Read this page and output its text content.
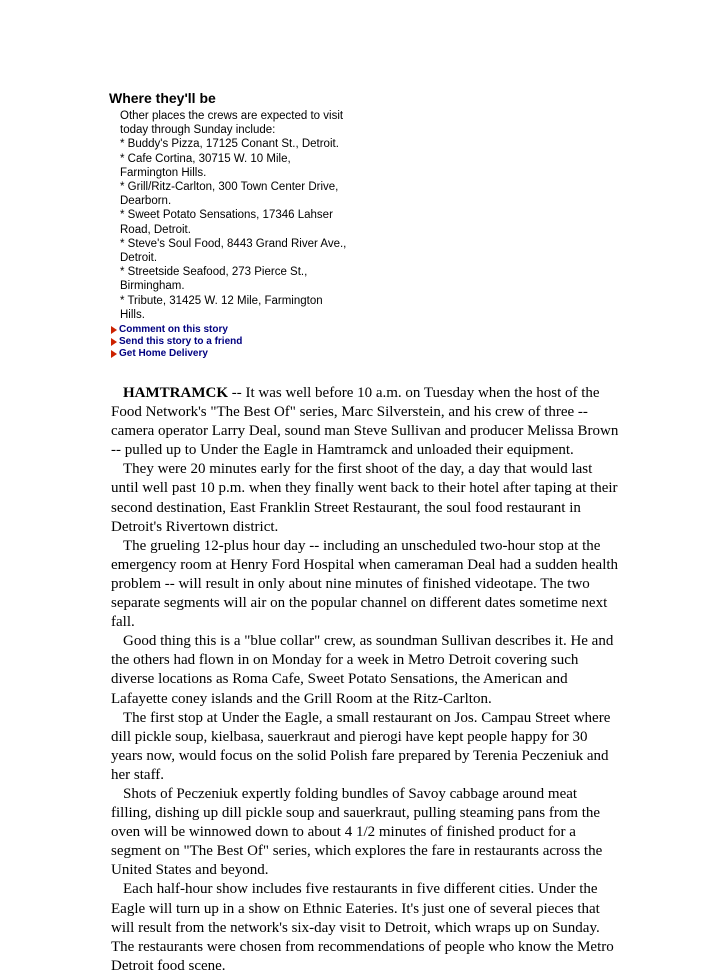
Where they'll be

Other places the crews are expected to visit today through Sunday include:

* Buddy's Pizza, 17125 Conant St., Detroit.

* Cafe Cortina, 30715 W. 10 Mile, Farmington Hills.

* Grill/Ritz-Carlton, 300 Town Center Drive, Dearborn.

* Sweet Potato Sensations, 17346 Lahser Road, Detroit.

* Steve's Soul Food, 8443 Grand River Ave., Detroit.

* Streetside Seafood, 273 Pierce St., Birmingham.

* Tribute, 31425 W. 12 Mile, Farmington Hills.

Comment on this story
Send this story to a friend
Get Home Delivery

HAMTRAMCK -- It was well before 10 a.m. on Tuesday when the host of the Food Network's "The Best Of" series, Marc Silverstein, and his crew of three -- camera operator Larry Deal, sound man Steve Sullivan and producer Melissa Brown -- pulled up to Under the Eagle in Hamtramck and unloaded their equipment.

They were 20 minutes early for the first shoot of the day, a day that would last until well past 10 p.m. when they finally went back to their hotel after taping at their second destination, East Franklin Street Restaurant, the soul food restaurant in Detroit's Rivertown district.

The grueling 12-plus hour day -- including an unscheduled two-hour stop at the emergency room at Henry Ford Hospital when cameraman Deal had a sudden health problem -- will result in only about nine minutes of finished videotape. The two separate segments will air on the popular channel on different dates sometime next fall.

Good thing this is a "blue collar" crew, as soundman Sullivan describes it. He and the others had flown in on Monday for a week in Metro Detroit covering such diverse locations as Roma Cafe, Sweet Potato Sensations, the American and Lafayette coney islands and the Grill Room at the Ritz-Carlton.

The first stop at Under the Eagle, a small restaurant on Jos. Campau Street where dill pickle soup, kielbasa, sauerkraut and pierogi have kept people happy for 30 years now, would focus on the solid Polish fare prepared by Terenia Peczeniuk and her staff.

Shots of Peczeniuk expertly folding bundles of Savoy cabbage around meat filling, dishing up dill pickle soup and sauerkraut, pulling steaming pans from the oven will be winnowed down to about 4 1/2 minutes of finished product for a segment on "The Best Of" series, which explores the fare in restaurants across the United States and beyond.

Each half-hour show includes five restaurants in five different cities. Under the Eagle will turn up in a show on Ethnic Eateries. It's just one of several pieces that will result from the network's six-day visit to Detroit, which wraps up on Sunday. The restaurants were chosen from recommendations of people who know the Metro Detroit food scene.
